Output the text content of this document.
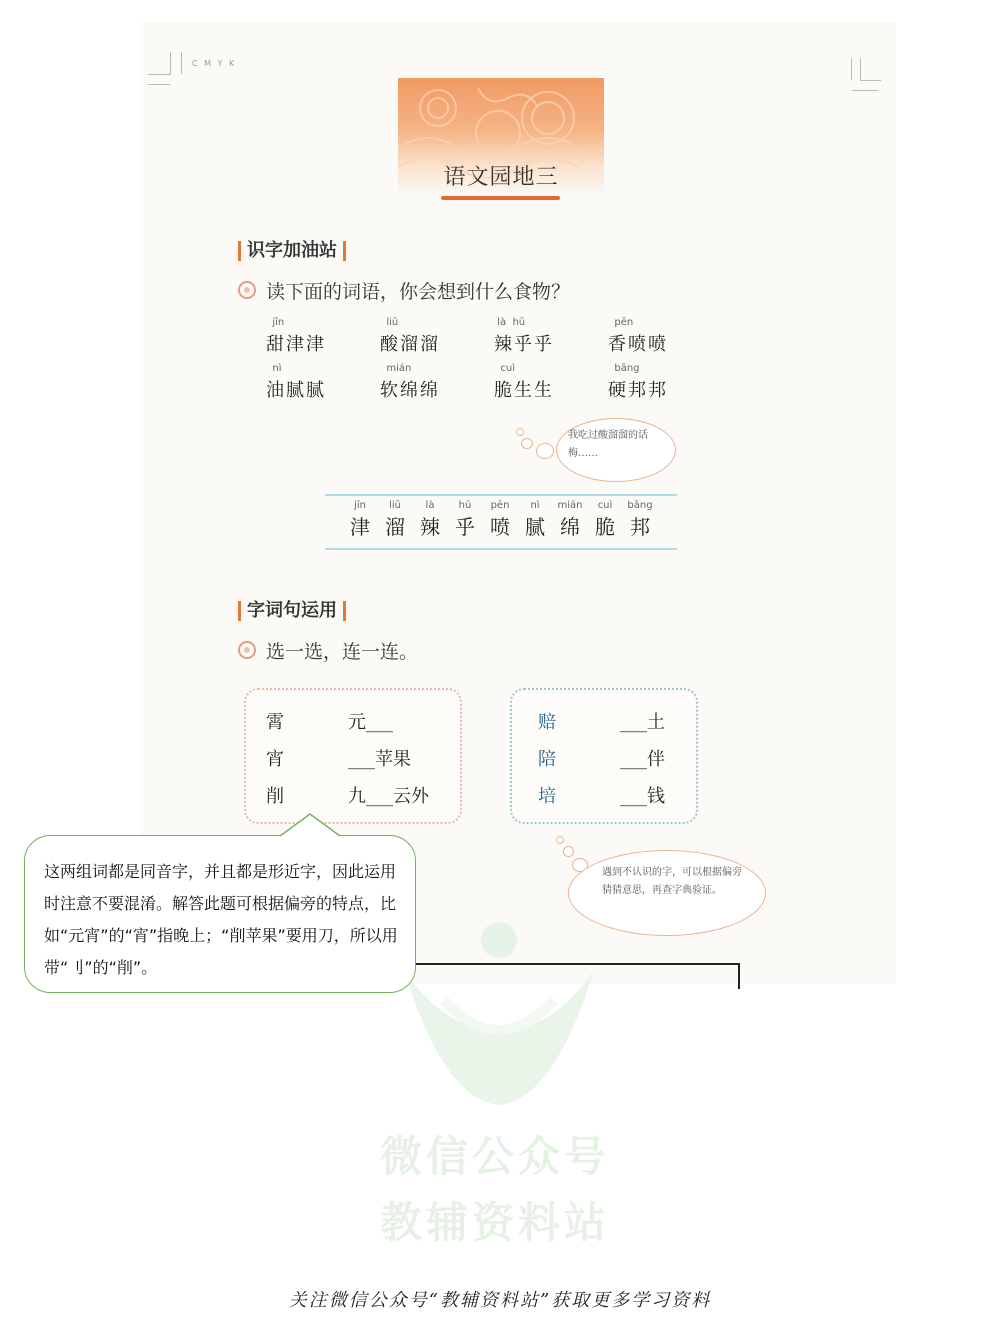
C M Y K
语文园地三
识字加油站
读下面的词语，你会想到什么食物？
jīn
甜津津
liū
酸溜溜
là  hū
辣乎乎
pēn
香喷喷
nì
油腻腻
mián
软绵绵
cuì
脆生生
bāng
硬邦邦
我吃过酸溜溜的话梅……
jīn
津
liū
溜
là
辣
hū
乎
pēn
喷
nì
腻
mián
绵
cuì
脆
bāng
邦
字词句运用
选一选，连一连。
霄
宵
削
元___
___苹果
九___云外
赔
陪
培
___土
___伴
___钱
遇到不认识的字，可以根据偏旁猜猜意思，再查字典验证。
微信公众号
教辅资料站
这两组词都是同音字，并且都是形近字，因此运用时注意不要混淆。解答此题可根据偏旁的特点，比如“元宵”的“宵”指晚上；“削苹果”要用刀，所以用带“刂”的“削”。
关注微信公众号“教辅资料站”获取更多学习资料
